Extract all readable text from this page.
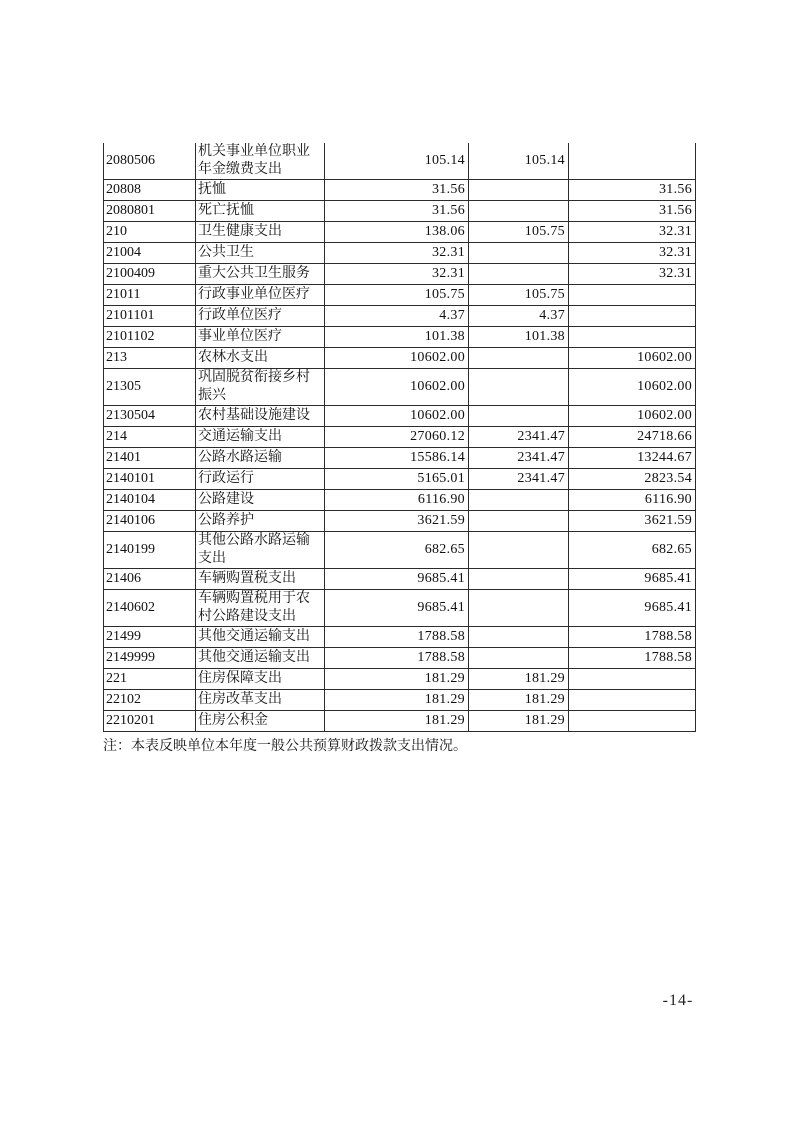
2080506	机关事业单位职业年金缴费支出	105.14	105.14	
20808	抚恤	31.56		31.56
2080801	死亡抚恤	31.56		31.56
210	卫生健康支出	138.06	105.75	32.31
21004	公共卫生	32.31		32.31
2100409	重大公共卫生服务	32.31		32.31
21011	行政事业单位医疗	105.75	105.75	
2101101	行政单位医疗	4.37	4.37	
2101102	事业单位医疗	101.38	101.38	
213	农林水支出	10602.00		10602.00
21305	巩固脱贫衔接乡村振兴	10602.00		10602.00
2130504	农村基础设施建设	10602.00		10602.00
214	交通运输支出	27060.12	2341.47	24718.66
21401	公路水路运输	15586.14	2341.47	13244.67
2140101	行政运行	5165.01	2341.47	2823.54
2140104	公路建设	6116.90		6116.90
2140106	公路养护	3621.59		3621.59
2140199	其他公路水路运输支出	682.65		682.65
21406	车辆购置税支出	9685.41		9685.41
2140602	车辆购置税用于农村公路建设支出	9685.41		9685.41
21499	其他交通运输支出	1788.58		1788.58
2149999	其他交通运输支出	1788.58		1788.58
221	住房保障支出	181.29	181.29	
22102	住房改革支出	181.29	181.29	
2210201	住房公积金	181.29	181.29	
注：本表反映单位本年度一般公共预算财政拨款支出情况。
-14-
